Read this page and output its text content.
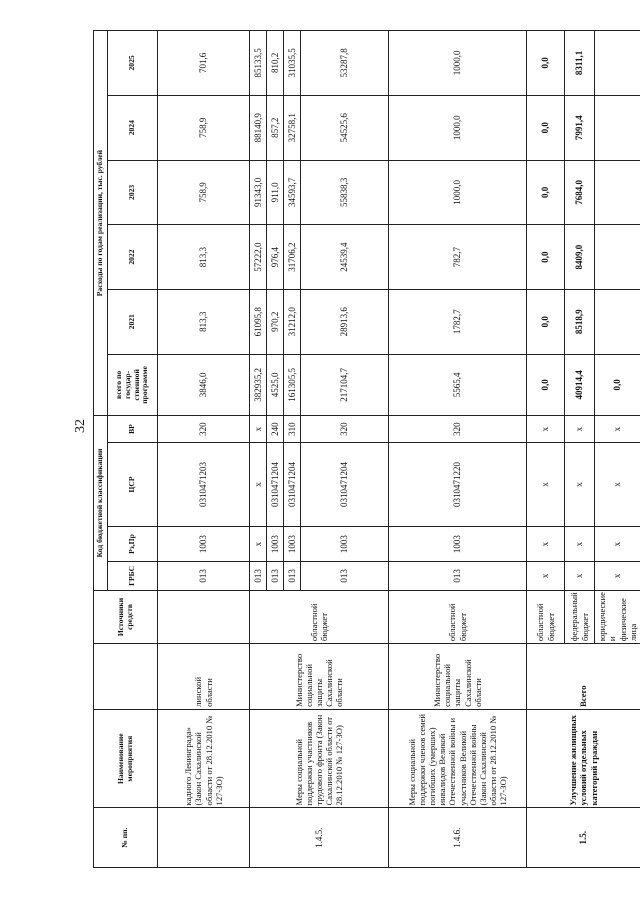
32
№ пп.	Наименование мероприятия		Источники средств	Код бюджетной классификации				Расходы по годам реализации, тыс. рублей					
				ГРБС	Рз,Пр	ЦСР	ВР	всего по государ- ственной программе	2021	2022	2023	2024	2025
	кадного Ленинграда» (Закон Сахалинской области от 28.12.2010 № 127-ЗО)	линской области		013	1003	0310471203	320	3846,0	813,3	813,3	758,9	758,9	701,6
1.4.5.	Меры социальной поддержки участников трудового фронта (Закон Сахалинской области от 28.12.2010 № 127-ЗО)	Министерство социальной защиты Сахалинской области	областной бюджет	013	х	х	х	382935,2	61095,8	57222,0	91343,0	88140,9	85133,5
				013	1003	0310471204	240	4525,0	970,2	976,4	911,0	857,2	810,2
				013	1003	0310471204	310	161305,5	31212,0	31706,2	34593,7	32758,1	31035,5
				013	1003	0310471204	320	217104,7	28913,6	24539,4	55838,3	54525,6	53287,8
1.4.6.	Меры социальной поддержки членов семей погибших (умерших) инвалидов Великой Отечественной войны и участников Великой Отечественной войны (Закон Сахалинской области от 28.12.2010 № 127-ЗО)	Министерство социальной защиты Сахалинской области	областной бюджет	013	1003	0310471220	320	5565,4	1782,7	782,7	1000,0	1000,0	1000,0
1.5.	Улучшение жилищных условий отдельных категорий граждан	Всего	областной бюджет	х	х	х	х	0,0	0,0	0,0	0,0	0,0	0,0
			федеральный бюджет	х	х	х	х	40914,4	8518,9	8409,0	7684,0	7991,4	8311,1
			юридические и физические лица	х	х	х	х	0,0					
